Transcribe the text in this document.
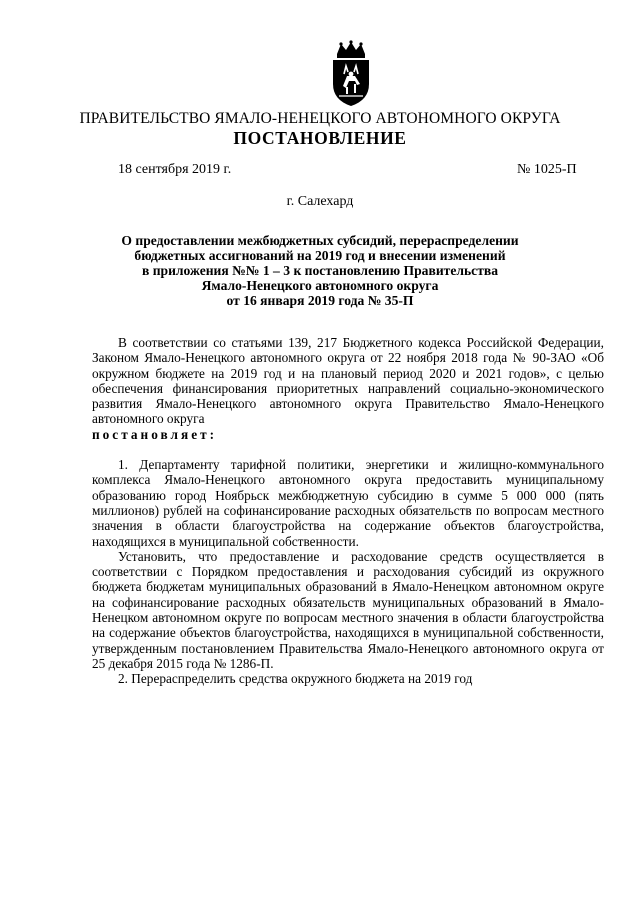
ПРАВИТЕЛЬСТВО ЯМАЛО-НЕНЕЦКОГО АВТОНОМНОГО ОКРУГА
ПОСТАНОВЛЕНИЕ
18 сентября 2019 г.	№ 1025-П
г. Салехард
О предоставлении межбюджетных субсидий, перераспределении
бюджетных ассигнований на 2019 год и внесении изменений
в приложения №№ 1 – 3 к постановлению Правительства
Ямало-Ненецкого автономного округа
от 16 января 2019 года № 35-П

В соответствии со статьями 139, 217 Бюджетного кодекса Российской Федерации, Законом Ямало-Ненецкого автономного округа от 22 ноября 2018 года № 90-ЗАО «Об окружном бюджете на 2019 год и на плановый период 2020 и 2021 годов», с целью обеспечения финансирования приоритетных направлений социально-экономического развития Ямало-Ненецкого автономного округа Правительство Ямало-Ненецкого автономного округа

постановляет:

1. Департаменту тарифной политики, энергетики и жилищно-коммунального комплекса Ямало-Ненецкого автономного округа предоставить муниципальному образованию город Ноябрьск межбюджетную субсидию в сумме 5 000 000 (пять миллионов) рублей на софинансирование расходных обязательств по вопросам местного значения в области благоустройства на содержание объектов благоустройства, находящихся в муниципальной собственности.

Установить, что предоставление и расходование средств осуществляется в соответствии с Порядком предоставления и расходования субсидий из окружного бюджета бюджетам муниципальных образований в Ямало-Ненецком автономном округе на софинансирование расходных обязательств муниципальных образований в Ямало-Ненецком автономном округе по вопросам местного значения в области благоустройства на содержание объектов благоустройства, находящихся в муниципальной собственности, утвержденным постановлением Правительства Ямало-Ненецкого автономного округа от 25 декабря 2015 года № 1286-П.

2. Перераспределить средства окружного бюджета на 2019 год
